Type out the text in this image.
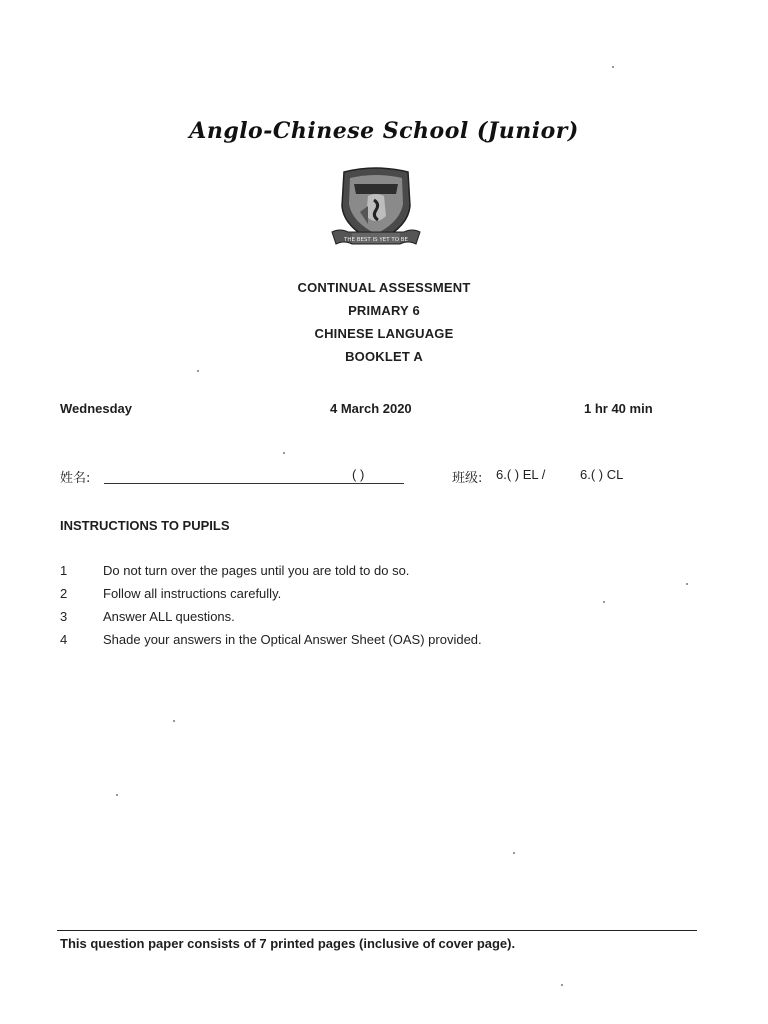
Anglo-Chinese School (Junior)
THE BEST IS YET TO BE
CONTINUAL ASSESSMENT
PRIMARY 6
CHINESE LANGUAGE
BOOKLET A
Wednesday	4 March 2020	1 hr 40 min
姓名:	( )	班级: 6.( ) EL /	6.( ) CL
INSTRUCTIONS TO PUPILS
1	Do not turn over the pages until you are told to do so.
2	Follow all instructions carefully.
3	Answer ALL questions.
4	Shade your answers in the Optical Answer Sheet (OAS) provided.
This question paper consists of 7 printed pages (inclusive of cover page).
